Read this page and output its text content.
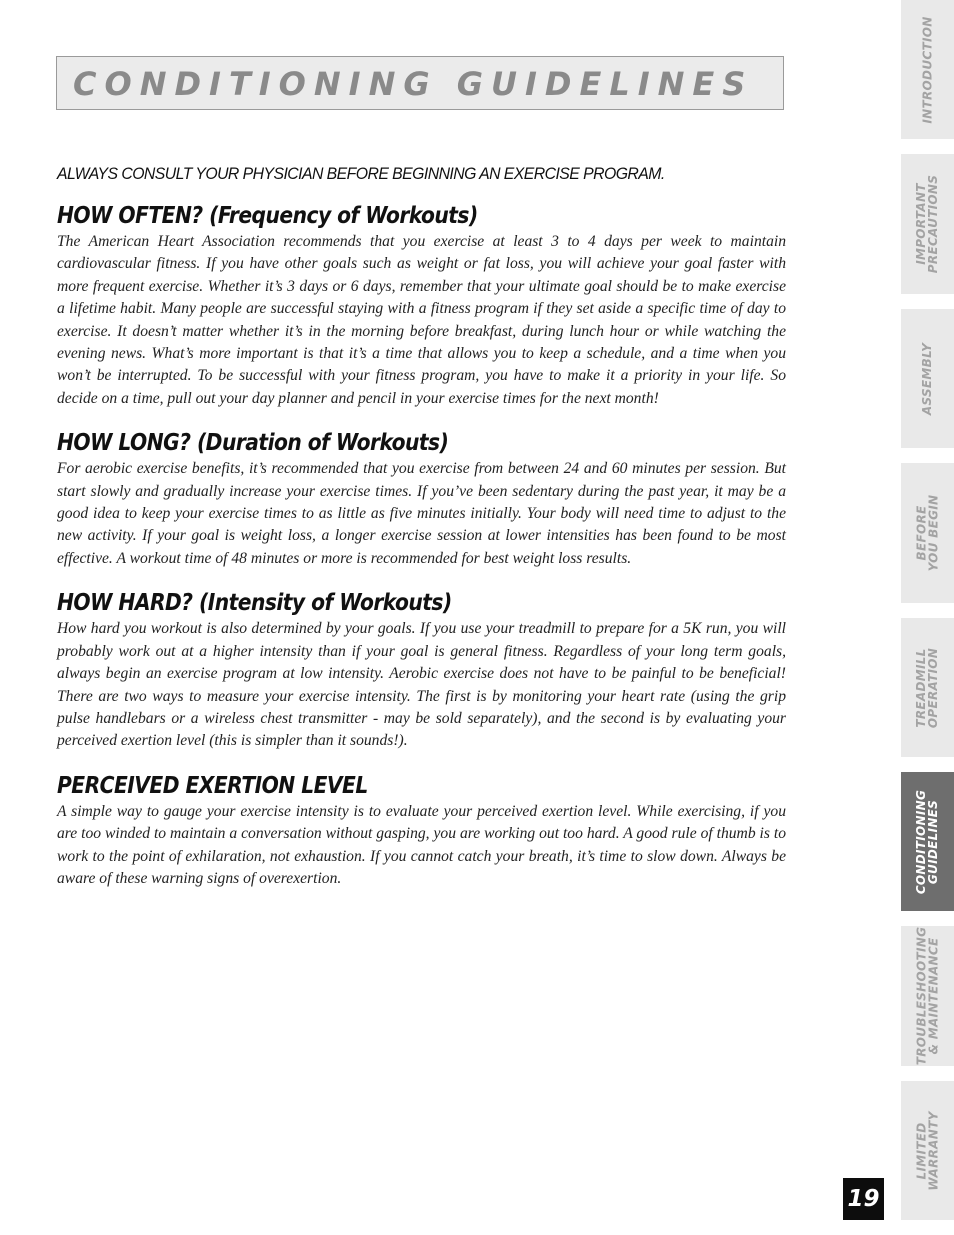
CONDITIONING GUIDELINES
ALWAYS CONSULT YOUR PHYSICIAN BEFORE BEGINNING AN EXERCISE PROGRAM.
HOW OFTEN? (Frequency of Workouts)

The American Heart Association recommends that you exercise at least 3 to 4 days per week to maintain cardiovascular fitness. If you have other goals such as weight or fat loss, you will achieve your goal faster with more frequent exercise. Whether it’s 3 days or 6 days, remember that your ultimate goal should be to make exercise a lifetime habit. Many people are successful staying with a fitness program if they set aside a specific time of day to exercise. It doesn’t matter whether it’s in the morning before breakfast, during lunch hour or while watching the evening news. What’s more important is that it’s a time that allows you to keep a schedule, and a time when you won’t be interrupted. To be successful with your fitness program, you have to make it a priority in your life. So decide on a time, pull out your day planner and pencil in your exercise times for the next month!

HOW LONG? (Duration of Workouts)

For aerobic exercise benefits, it’s recommended that you exercise from between 24 and 60 minutes per session. But start slowly and gradually increase your exercise times. If you’ve been sedentary during the past year, it may be a good idea to keep your exercise times to as little as five minutes initially. Your body will need time to adjust to the new activity. If your goal is weight loss, a longer exercise session at lower intensities has been found to be most effective. A workout time of 48 minutes or more is recommended for best weight loss results.

HOW HARD? (Intensity of Workouts)

How hard you workout is also determined by your goals. If you use your treadmill to prepare for a 5K run, you will probably work out at a higher intensity than if your goal is general fitness. Regardless of your long term goals, always begin an exercise program at low intensity. Aerobic exercise does not have to be painful to be beneficial! There are two ways to measure your exercise intensity. The first is by monitoring your heart rate (using the grip pulse handlebars or a wireless chest transmitter - may be sold separately), and the second is by evaluating your perceived exertion level (this is simpler than it sounds!).

PERCEIVED EXERTION LEVEL

A simple way to gauge your exercise intensity is to evaluate your perceived exertion level. While exercising, if you are too winded to maintain a conversation without gasping, you are working out too hard. A good rule of thumb is to work to the point of exhilaration, not exhaustion. If you cannot catch your breath, it’s time to slow down. Always be aware of these warning signs of overexertion.

INTRODUCTION
IMPORTANT
PRECAUTIONS
ASSEMBLY
BEFORE
YOU BEGIN
TREADMILL
OPERATION
CONDITIONING
GUIDELINES
TROUBLESHOOTING
& MAINTENANCE
LIMITED
WARRANTY
19
